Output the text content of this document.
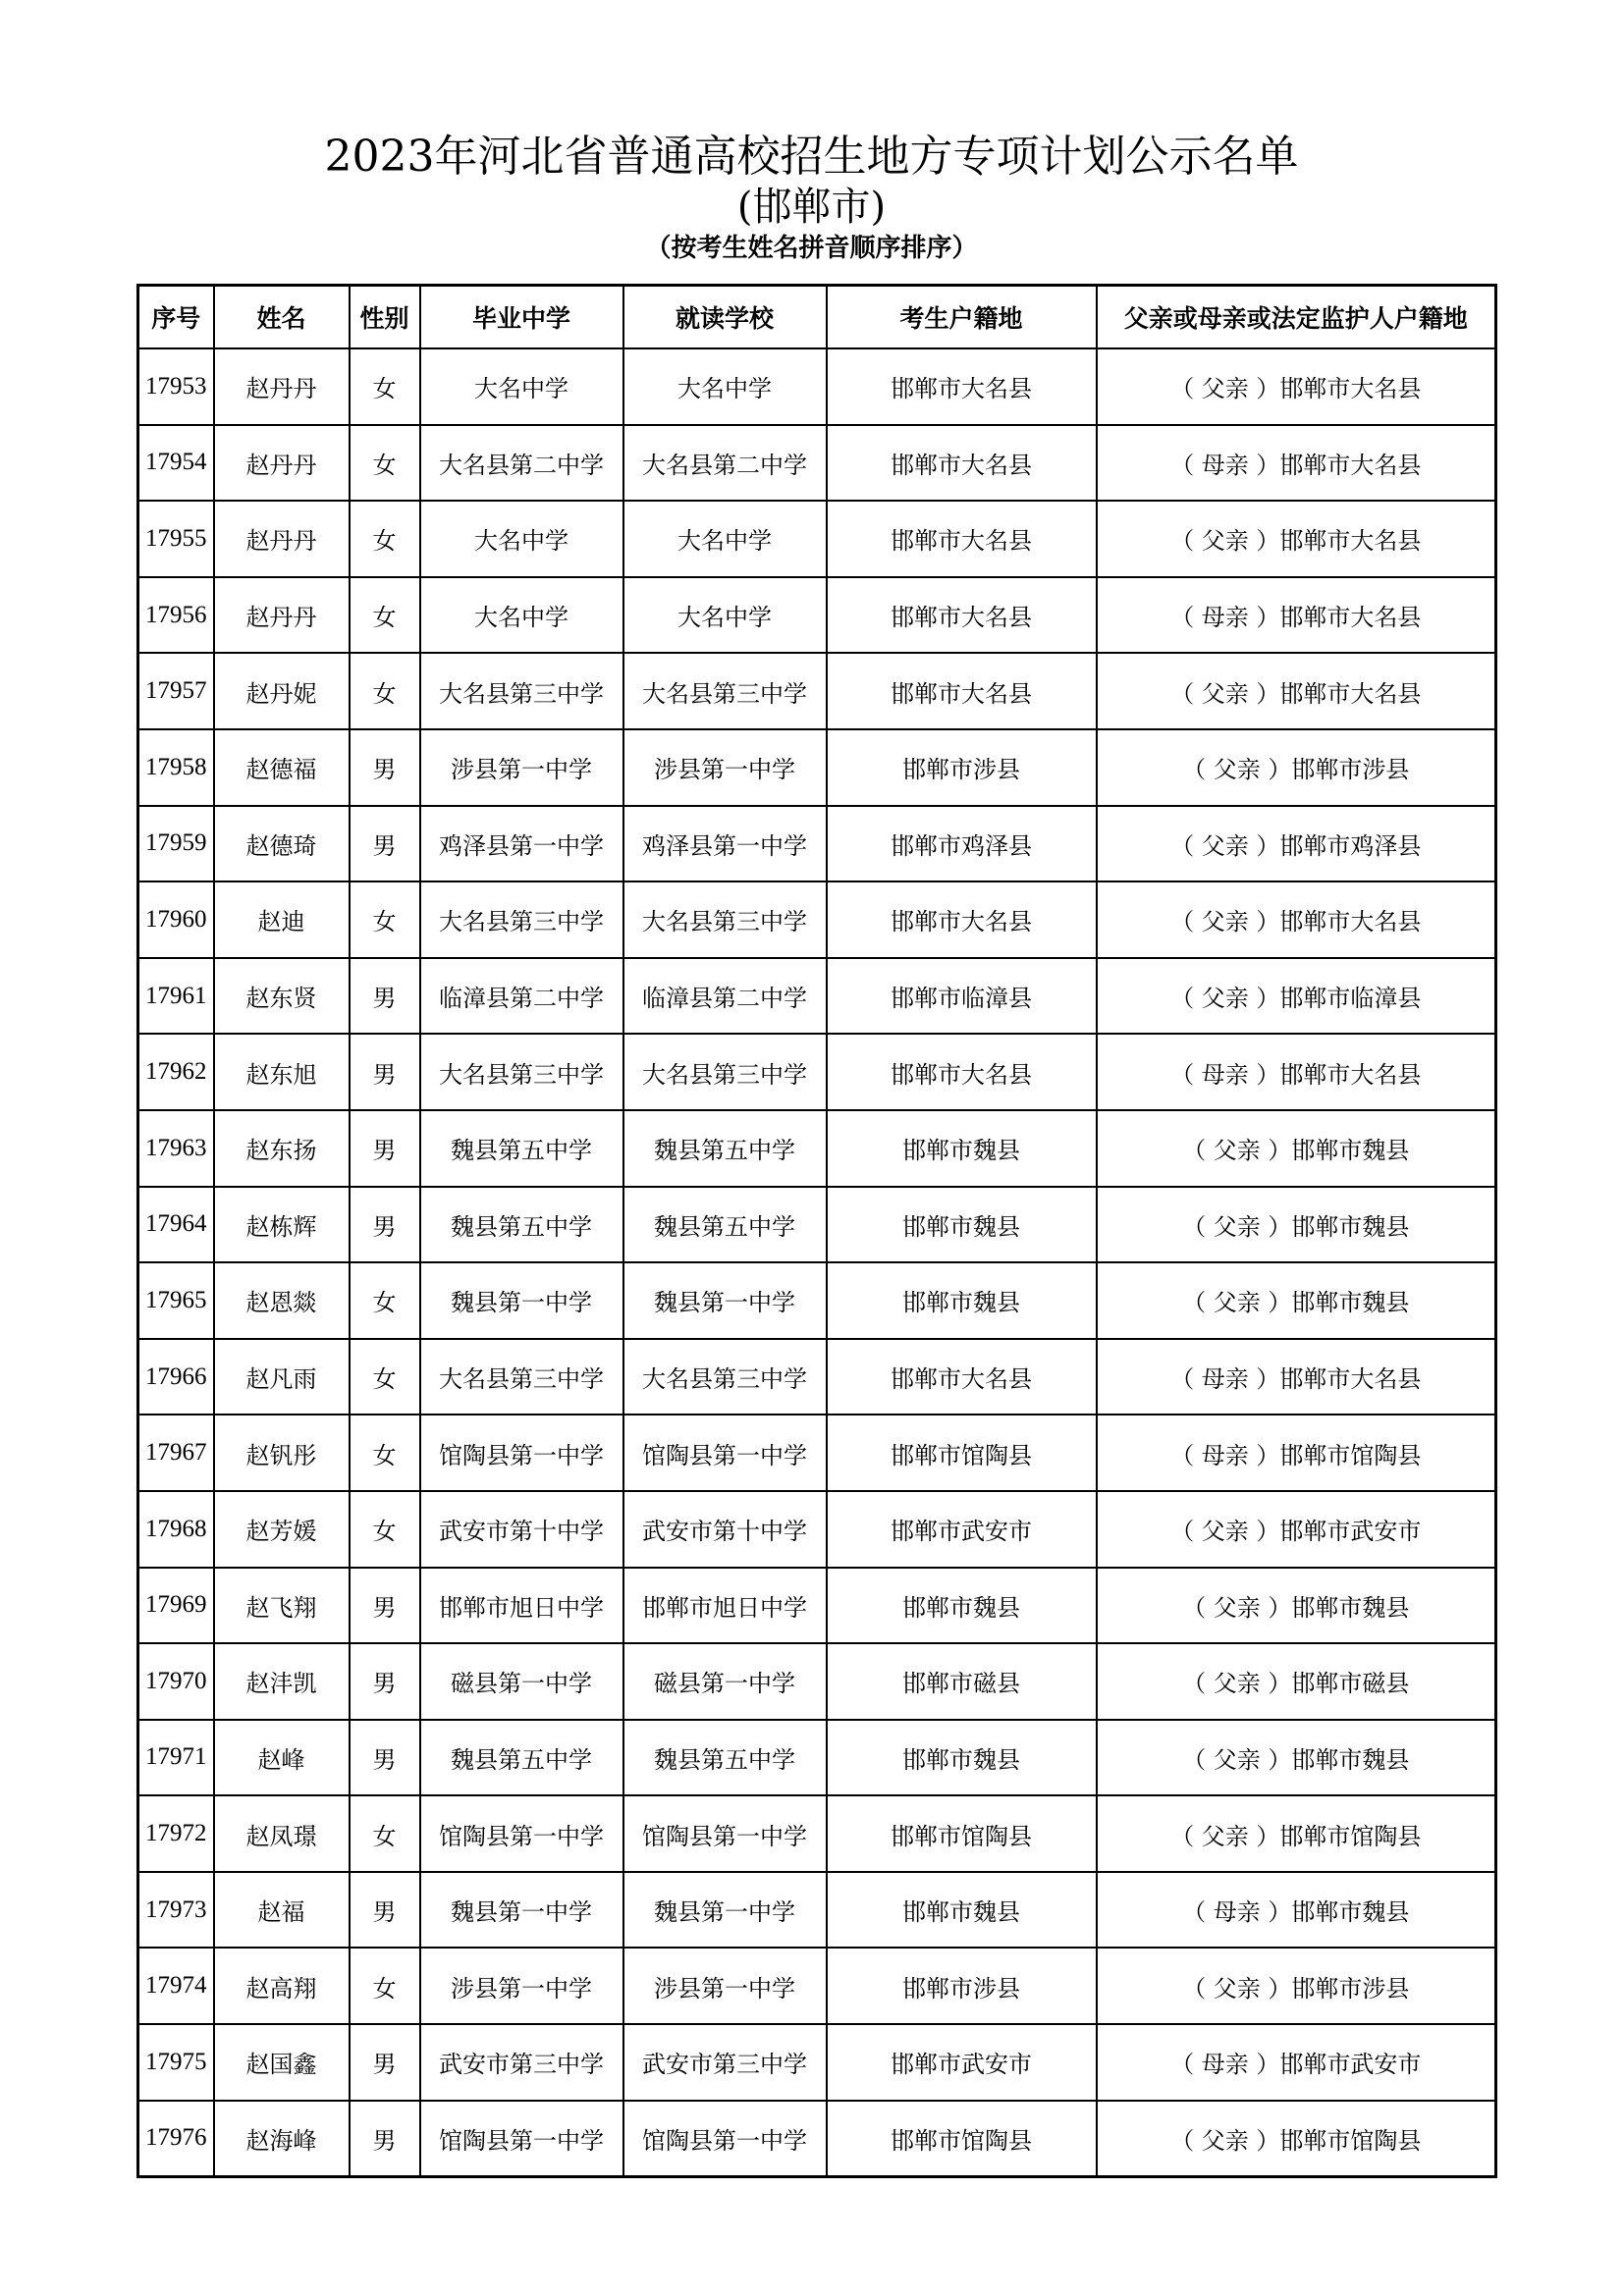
2023年河北省普通高校招生地方专项计划公示名单
(邯郸市)
（按考生姓名拼音顺序排序）
序号	姓名	性别	毕业中学	就读学校	考生户籍地	父亲或母亲或法定监护人户籍地
17953	赵丹丹	女	大名中学	大名中学	邯郸市大名县	（ 父亲 ）邯郸市大名县
17954	赵丹丹	女	大名县第二中学	大名县第二中学	邯郸市大名县	（ 母亲 ）邯郸市大名县
17955	赵丹丹	女	大名中学	大名中学	邯郸市大名县	（ 父亲 ）邯郸市大名县
17956	赵丹丹	女	大名中学	大名中学	邯郸市大名县	（ 母亲 ）邯郸市大名县
17957	赵丹妮	女	大名县第三中学	大名县第三中学	邯郸市大名县	（ 父亲 ）邯郸市大名县
17958	赵德福	男	涉县第一中学	涉县第一中学	邯郸市涉县	（ 父亲 ）邯郸市涉县
17959	赵德琦	男	鸡泽县第一中学	鸡泽县第一中学	邯郸市鸡泽县	（ 父亲 ）邯郸市鸡泽县
17960	赵迪	女	大名县第三中学	大名县第三中学	邯郸市大名县	（ 父亲 ）邯郸市大名县
17961	赵东贤	男	临漳县第二中学	临漳县第二中学	邯郸市临漳县	（ 父亲 ）邯郸市临漳县
17962	赵东旭	男	大名县第三中学	大名县第三中学	邯郸市大名县	（ 母亲 ）邯郸市大名县
17963	赵东扬	男	魏县第五中学	魏县第五中学	邯郸市魏县	（ 父亲 ）邯郸市魏县
17964	赵栋辉	男	魏县第五中学	魏县第五中学	邯郸市魏县	（ 父亲 ）邯郸市魏县
17965	赵恩燚	女	魏县第一中学	魏县第一中学	邯郸市魏县	（ 父亲 ）邯郸市魏县
17966	赵凡雨	女	大名县第三中学	大名县第三中学	邯郸市大名县	（ 母亲 ）邯郸市大名县
17967	赵钒彤	女	馆陶县第一中学	馆陶县第一中学	邯郸市馆陶县	（ 母亲 ）邯郸市馆陶县
17968	赵芳媛	女	武安市第十中学	武安市第十中学	邯郸市武安市	（ 父亲 ）邯郸市武安市
17969	赵飞翔	男	邯郸市旭日中学	邯郸市旭日中学	邯郸市魏县	（ 父亲 ）邯郸市魏县
17970	赵沣凯	男	磁县第一中学	磁县第一中学	邯郸市磁县	（ 父亲 ）邯郸市磁县
17971	赵峰	男	魏县第五中学	魏县第五中学	邯郸市魏县	（ 父亲 ）邯郸市魏县
17972	赵凤璟	女	馆陶县第一中学	馆陶县第一中学	邯郸市馆陶县	（ 父亲 ）邯郸市馆陶县
17973	赵福	男	魏县第一中学	魏县第一中学	邯郸市魏县	（ 母亲 ）邯郸市魏县
17974	赵高翔	女	涉县第一中学	涉县第一中学	邯郸市涉县	（ 父亲 ）邯郸市涉县
17975	赵国鑫	男	武安市第三中学	武安市第三中学	邯郸市武安市	（ 母亲 ）邯郸市武安市
17976	赵海峰	男	馆陶县第一中学	馆陶县第一中学	邯郸市馆陶县	（ 父亲 ）邯郸市馆陶县
